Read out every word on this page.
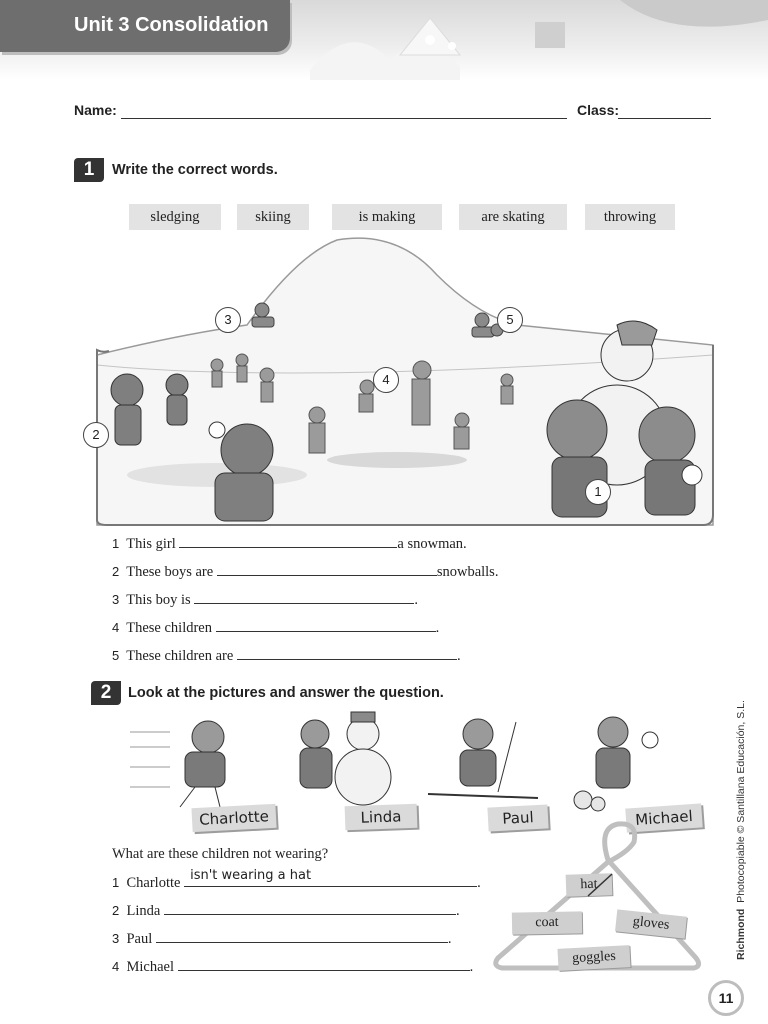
Unit 3 Consolidation
Name:	Class:
1	Write the correct words.
sledging	skiing	is making	are skating	throwing
1
2
3
4
5
1 This girl	a snowman.
2 These boys are	snowballs.
3 This boy is	.
4 These children	.
5 These children are	.
2	Look at the pictures and answer the question.
Charlotte	Linda	Paul	Michael
What are these children not wearing?
1 Charlotte isn't wearing a hat	.
2 Linda	.
3 Paul	.
4 Michael	.
hat
coat	gloves
goggles	Richmond  Photocopiable © Santillana Educación, S.L.
11
